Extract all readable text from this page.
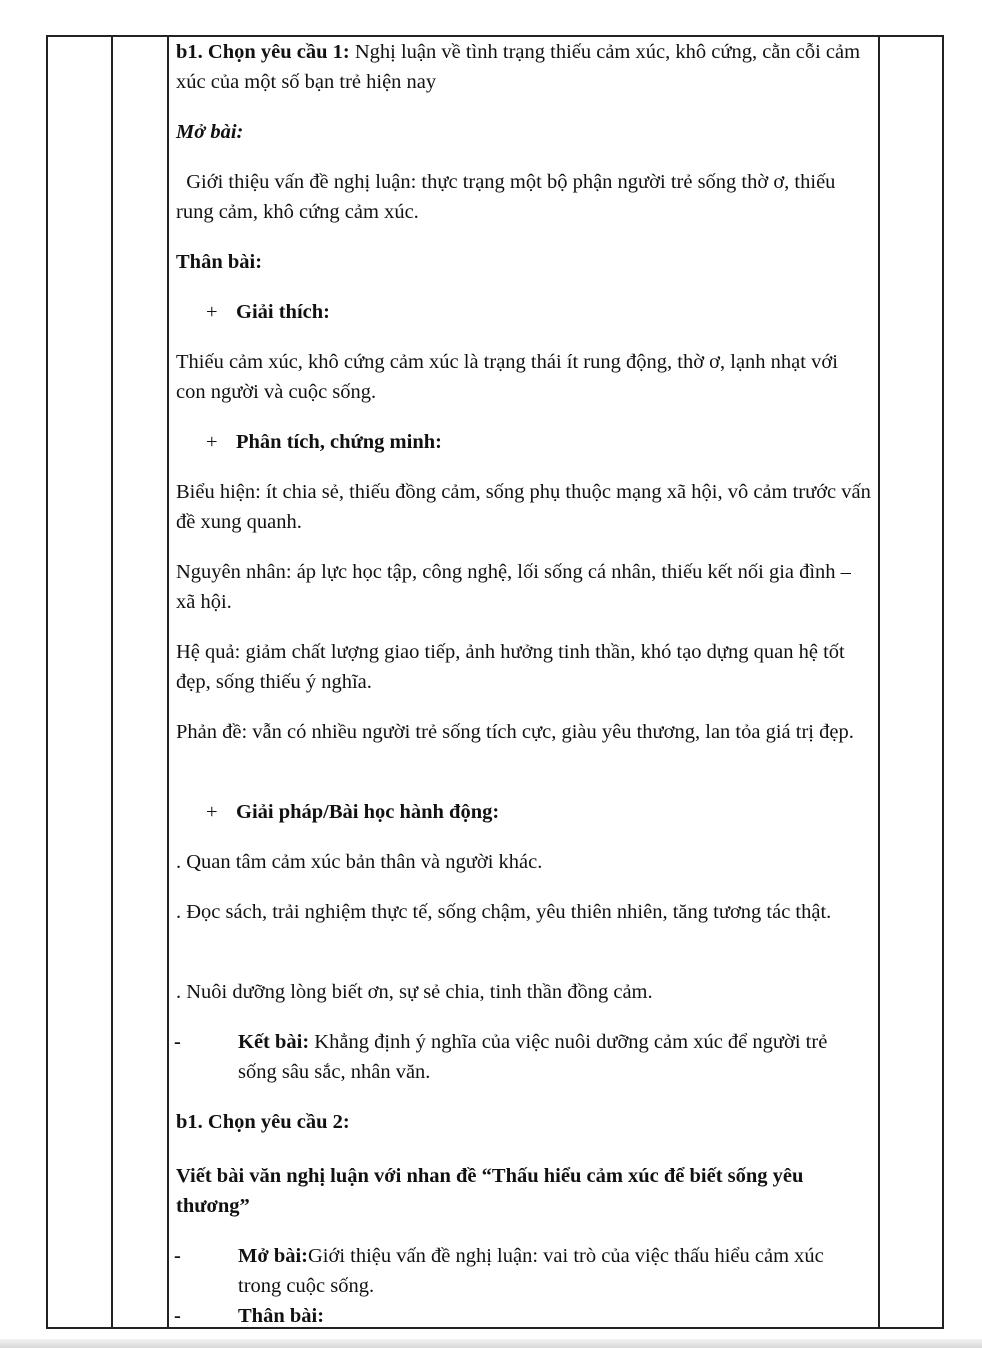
b1. Chọn yêu cầu 1: Nghị luận về tình trạng thiếu cảm xúc, khô cứng, cằn cỗi cảm xúc của một số bạn trẻ hiện nay

Mở bài:

Giới thiệu vấn đề nghị luận: thực trạng một bộ phận người trẻ sống thờ ơ, thiếu rung cảm, khô cứng cảm xúc.

Thân bài:

+ Giải thích:

Thiếu cảm xúc, khô cứng cảm xúc là trạng thái ít rung động, thờ ơ, lạnh nhạt với con người và cuộc sống.

+ Phân tích, chứng minh:

Biểu hiện: ít chia sẻ, thiếu đồng cảm, sống phụ thuộc mạng xã hội, vô cảm trước vấn đề xung quanh.

Nguyên nhân: áp lực học tập, công nghệ, lối sống cá nhân, thiếu kết nối gia đình – xã hội.

Hệ quả: giảm chất lượng giao tiếp, ảnh hưởng tinh thần, khó tạo dựng quan hệ tốt đẹp, sống thiếu ý nghĩa.

Phản đề: vẫn có nhiều người trẻ sống tích cực, giàu yêu thương, lan tỏa giá trị đẹp.

+ Giải pháp/Bài học hành động:

. Quan tâm cảm xúc bản thân và người khác.

. Đọc sách, trải nghiệm thực tế, sống chậm, yêu thiên nhiên, tăng tương tác thật.

. Nuôi dưỡng lòng biết ơn, sự sẻ chia, tinh thần đồng cảm.

-	Kết bài: Khẳng định ý nghĩa của việc nuôi dưỡng cảm xúc để người trẻ sống sâu sắc, nhân văn.

b1. Chọn yêu cầu 2:

Viết bài văn nghị luận với nhan đề “Thấu hiểu cảm xúc để biết sống yêu thương”

-	Mở bài:Giới thiệu vấn đề nghị luận: vai trò của việc thấu hiểu cảm xúc trong cuộc sống.

-	Thân bài:
